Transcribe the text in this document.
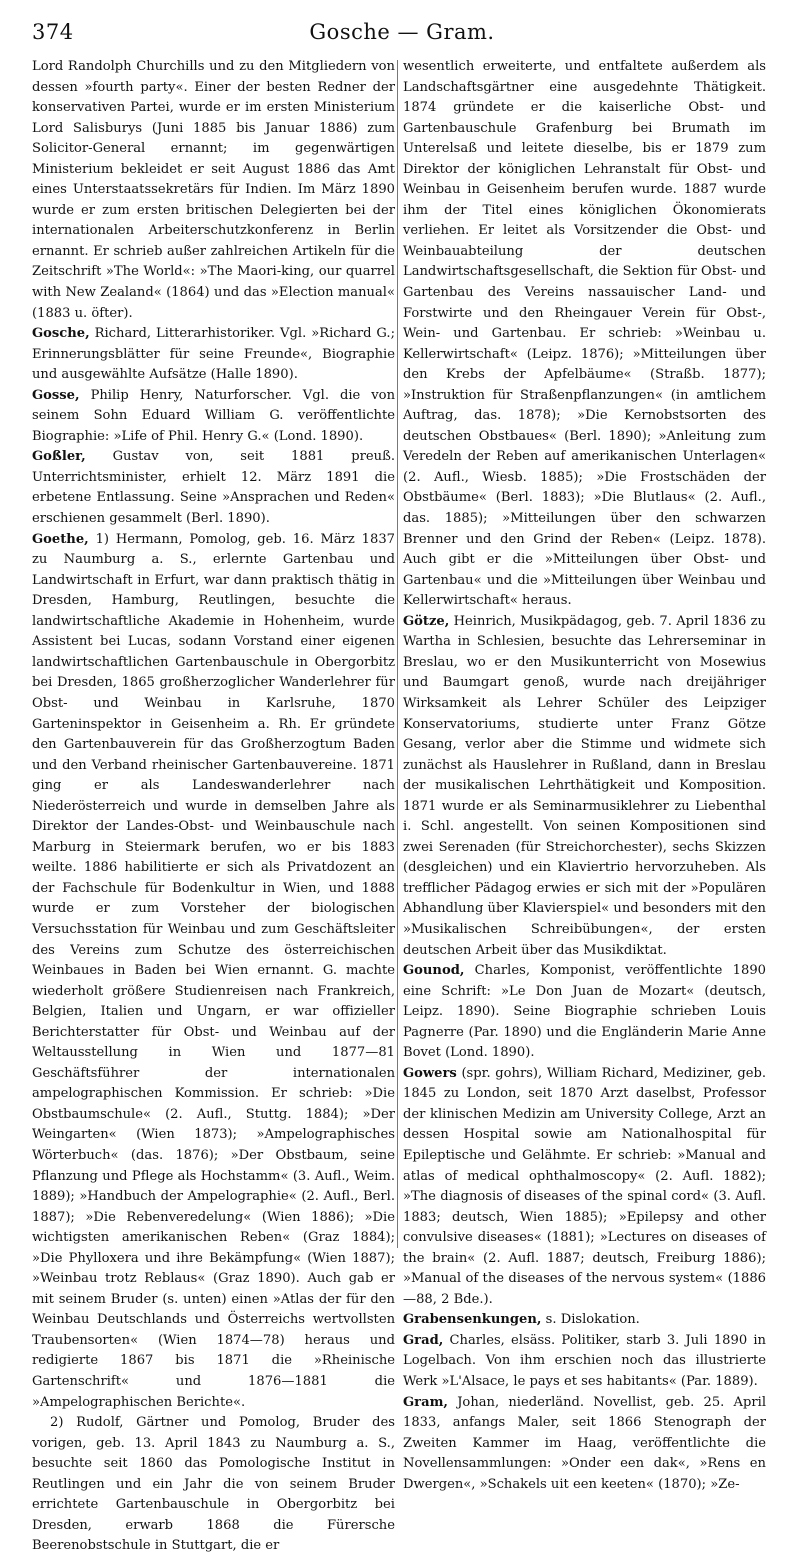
374	Gosche — Gram.

Lord Randolph Churchills und zu den Mitgliedern von dessen »fourth party«. Einer der besten Redner der konservativen Partei, wurde er im ersten Ministerium Lord Salisburys (Juni 1885 bis Januar 1886) zum Solicitor-General ernannt; im gegenwärtigen Ministerium bekleidet er seit August 1886 das Amt eines Unterstaatssekretärs für Indien. Im März 1890 wurde er zum ersten britischen Delegierten bei der internationalen Arbeiterschutzkonferenz in Berlin ernannt. Er schrieb außer zahlreichen Artikeln für die Zeitschrift »The World«: »The Maori-king, our quarrel with New Zealand« (1864) und das »Election manual« (1883 u. öfter).

Gosche, Richard, Litterarhistoriker. Vgl. »Richard G.; Erinnerungsblätter für seine Freunde«, Biographie und ausgewählte Aufsätze (Halle 1890).

Gosse, Philip Henry, Naturforscher. Vgl. die von seinem Sohn Eduard William G. veröffentlichte Biographie: »Life of Phil. Henry G.« (Lond. 1890).

Goßler, Gustav von, seit 1881 preuß. Unterrichtsminister, erhielt 12. März 1891 die erbetene Entlassung. Seine »Ansprachen und Reden« erschienen gesammelt (Berl. 1890).

Goethe, 1) Hermann, Pomolog, geb. 16. März 1837 zu Naumburg a. S., erlernte Gartenbau und Landwirtschaft in Erfurt, war dann praktisch thätig in Dresden, Hamburg, Reutlingen, besuchte die landwirtschaftliche Akademie in Hohenheim, wurde Assistent bei Lucas, sodann Vorstand einer eigenen landwirtschaftlichen Gartenbauschule in Obergorbitz bei Dresden, 1865 großherzoglicher Wanderlehrer für Obst- und Weinbau in Karlsruhe, 1870 Garteninspektor in Geisenheim a. Rh. Er gründete den Gartenbauverein für das Großherzogtum Baden und den Verband rheinischer Gartenbauvereine. 1871 ging er als Landeswanderlehrer nach Niederösterreich und wurde in demselben Jahre als Direktor der Landes-Obst- und Weinbauschule nach Marburg in Steiermark berufen, wo er bis 1883 weilte. 1886 habilitierte er sich als Privatdozent an der Fachschule für Bodenkultur in Wien, und 1888 wurde er zum Vorsteher der biologischen Versuchsstation für Weinbau und zum Geschäftsleiter des Vereins zum Schutze des österreichischen Weinbaues in Baden bei Wien ernannt. G. machte wiederholt größere Studienreisen nach Frankreich, Belgien, Italien und Ungarn, er war offizieller Berichterstatter für Obst- und Weinbau auf der Weltausstellung in Wien und 1877—81 Geschäftsführer der internationalen ampelographischen Kommission. Er schrieb: »Die Obstbaumschule« (2. Aufl., Stuttg. 1884); »Der Weingarten« (Wien 1873); »Ampelographisches Wörterbuch« (das. 1876); »Der Obstbaum, seine Pflanzung und Pflege als Hochstamm« (3. Aufl., Weim. 1889); »Handbuch der Ampelographie« (2. Aufl., Berl. 1887); »Die Rebenveredelung« (Wien 1886); »Die wichtigsten amerikanischen Reben« (Graz 1884); »Die Phylloxera und ihre Bekämpfung« (Wien 1887); »Weinbau trotz Reblaus« (Graz 1890). Auch gab er mit seinem Bruder (s. unten) einen »Atlas der für den Weinbau Deutschlands und Österreichs wertvollsten Traubensorten« (Wien 1874—78) heraus und redigierte 1867 bis 1871 die »Rheinische Gartenschrift« und 1876—1881 die »Ampelographischen Berichte«.

2) Rudolf, Gärtner und Pomolog, Bruder des vorigen, geb. 13. April 1843 zu Naumburg a. S., besuchte seit 1860 das Pomologische Institut in Reutlingen und ein Jahr die von seinem Bruder errichtete Gartenbauschule in Obergorbitz bei Dresden, erwarb 1868 die Fürersche Beerenobstschule in Stuttgart, die er

wesentlich erweiterte, und entfaltete außerdem als Landschaftsgärtner eine ausgedehnte Thätigkeit. 1874 gründete er die kaiserliche Obst- und Gartenbauschule Grafenburg bei Brumath im Unterelsaß und leitete dieselbe, bis er 1879 zum Direktor der königlichen Lehranstalt für Obst- und Weinbau in Geisenheim berufen wurde. 1887 wurde ihm der Titel eines königlichen Ökonomierats verliehen. Er leitet als Vorsitzender die Obst- und Weinbauabteilung der deutschen Landwirtschaftsgesellschaft, die Sektion für Obst- und Gartenbau des Vereins nassauischer Land- und Forstwirte und den Rheingauer Verein für Obst-, Wein- und Gartenbau. Er schrieb: »Weinbau u. Kellerwirtschaft« (Leipz. 1876); »Mitteilungen über den Krebs der Apfelbäume« (Straßb. 1877); »Instruktion für Straßenpflanzungen« (in amtlichem Auftrag, das. 1878); »Die Kernobstsorten des deutschen Obstbaues« (Berl. 1890); »Anleitung zum Veredeln der Reben auf amerikanischen Unterlagen« (2. Aufl., Wiesb. 1885); »Die Frostschäden der Obstbäume« (Berl. 1883); »Die Blutlaus« (2. Aufl., das. 1885); »Mitteilungen über den schwarzen Brenner und den Grind der Reben« (Leipz. 1878). Auch gibt er die »Mitteilungen über Obst- und Gartenbau« und die »Mitteilungen über Weinbau und Kellerwirtschaft« heraus.

Götze, Heinrich, Musikpädagog, geb. 7. April 1836 zu Wartha in Schlesien, besuchte das Lehrerseminar in Breslau, wo er den Musikunterricht von Mosewius und Baumgart genoß, wurde nach dreijähriger Wirksamkeit als Lehrer Schüler des Leipziger Konservatoriums, studierte unter Franz Götze Gesang, verlor aber die Stimme und widmete sich zunächst als Hauslehrer in Rußland, dann in Breslau der musikalischen Lehrthätigkeit und Komposition. 1871 wurde er als Seminarmusiklehrer zu Liebenthal i. Schl. angestellt. Von seinen Kompositionen sind zwei Serenaden (für Streichorchester), sechs Skizzen (desgleichen) und ein Klaviertrio hervorzuheben. Als trefflicher Pädagog erwies er sich mit der »Populären Abhandlung über Klavierspiel« und besonders mit den »Musikalischen Schreibübungen«, der ersten deutschen Arbeit über das Musikdiktat.

Gounod, Charles, Komponist, veröffentlichte 1890 eine Schrift: »Le Don Juan de Mozart« (deutsch, Leipz. 1890). Seine Biographie schrieben Louis Pagnerre (Par. 1890) und die Engländerin Marie Anne Bovet (Lond. 1890).

Gowers (spr. gohrs), William Richard, Mediziner, geb. 1845 zu London, seit 1870 Arzt daselbst, Professor der klinischen Medizin am University College, Arzt an dessen Hospital sowie am Nationalhospital für Epileptische und Gelähmte. Er schrieb: »Manual and atlas of medical ophthalmoscopy« (2. Aufl. 1882); »The diagnosis of diseases of the spinal cord« (3. Aufl. 1883; deutsch, Wien 1885); »Epilepsy and other convulsive diseases« (1881); »Lectures on diseases of the brain« (2. Aufl. 1887; deutsch, Freiburg 1886); »Manual of the diseases of the nervous system« (1886—88, 2 Bde.).

Grabensenkungen, s. Dislokation.

Grad, Charles, elsäss. Politiker, starb 3. Juli 1890 in Logelbach. Von ihm erschien noch das illustrierte Werk »L'Alsace, le pays et ses habitants« (Par. 1889).

Gram, Johan, niederländ. Novellist, geb. 25. April 1833, anfangs Maler, seit 1866 Stenograph der Zweiten Kammer im Haag, veröffentlichte die Novellensammlungen: »Onder een dak«, »Rens en Dwergen«, »Schakels uit een keeten« (1870); »Ze-
